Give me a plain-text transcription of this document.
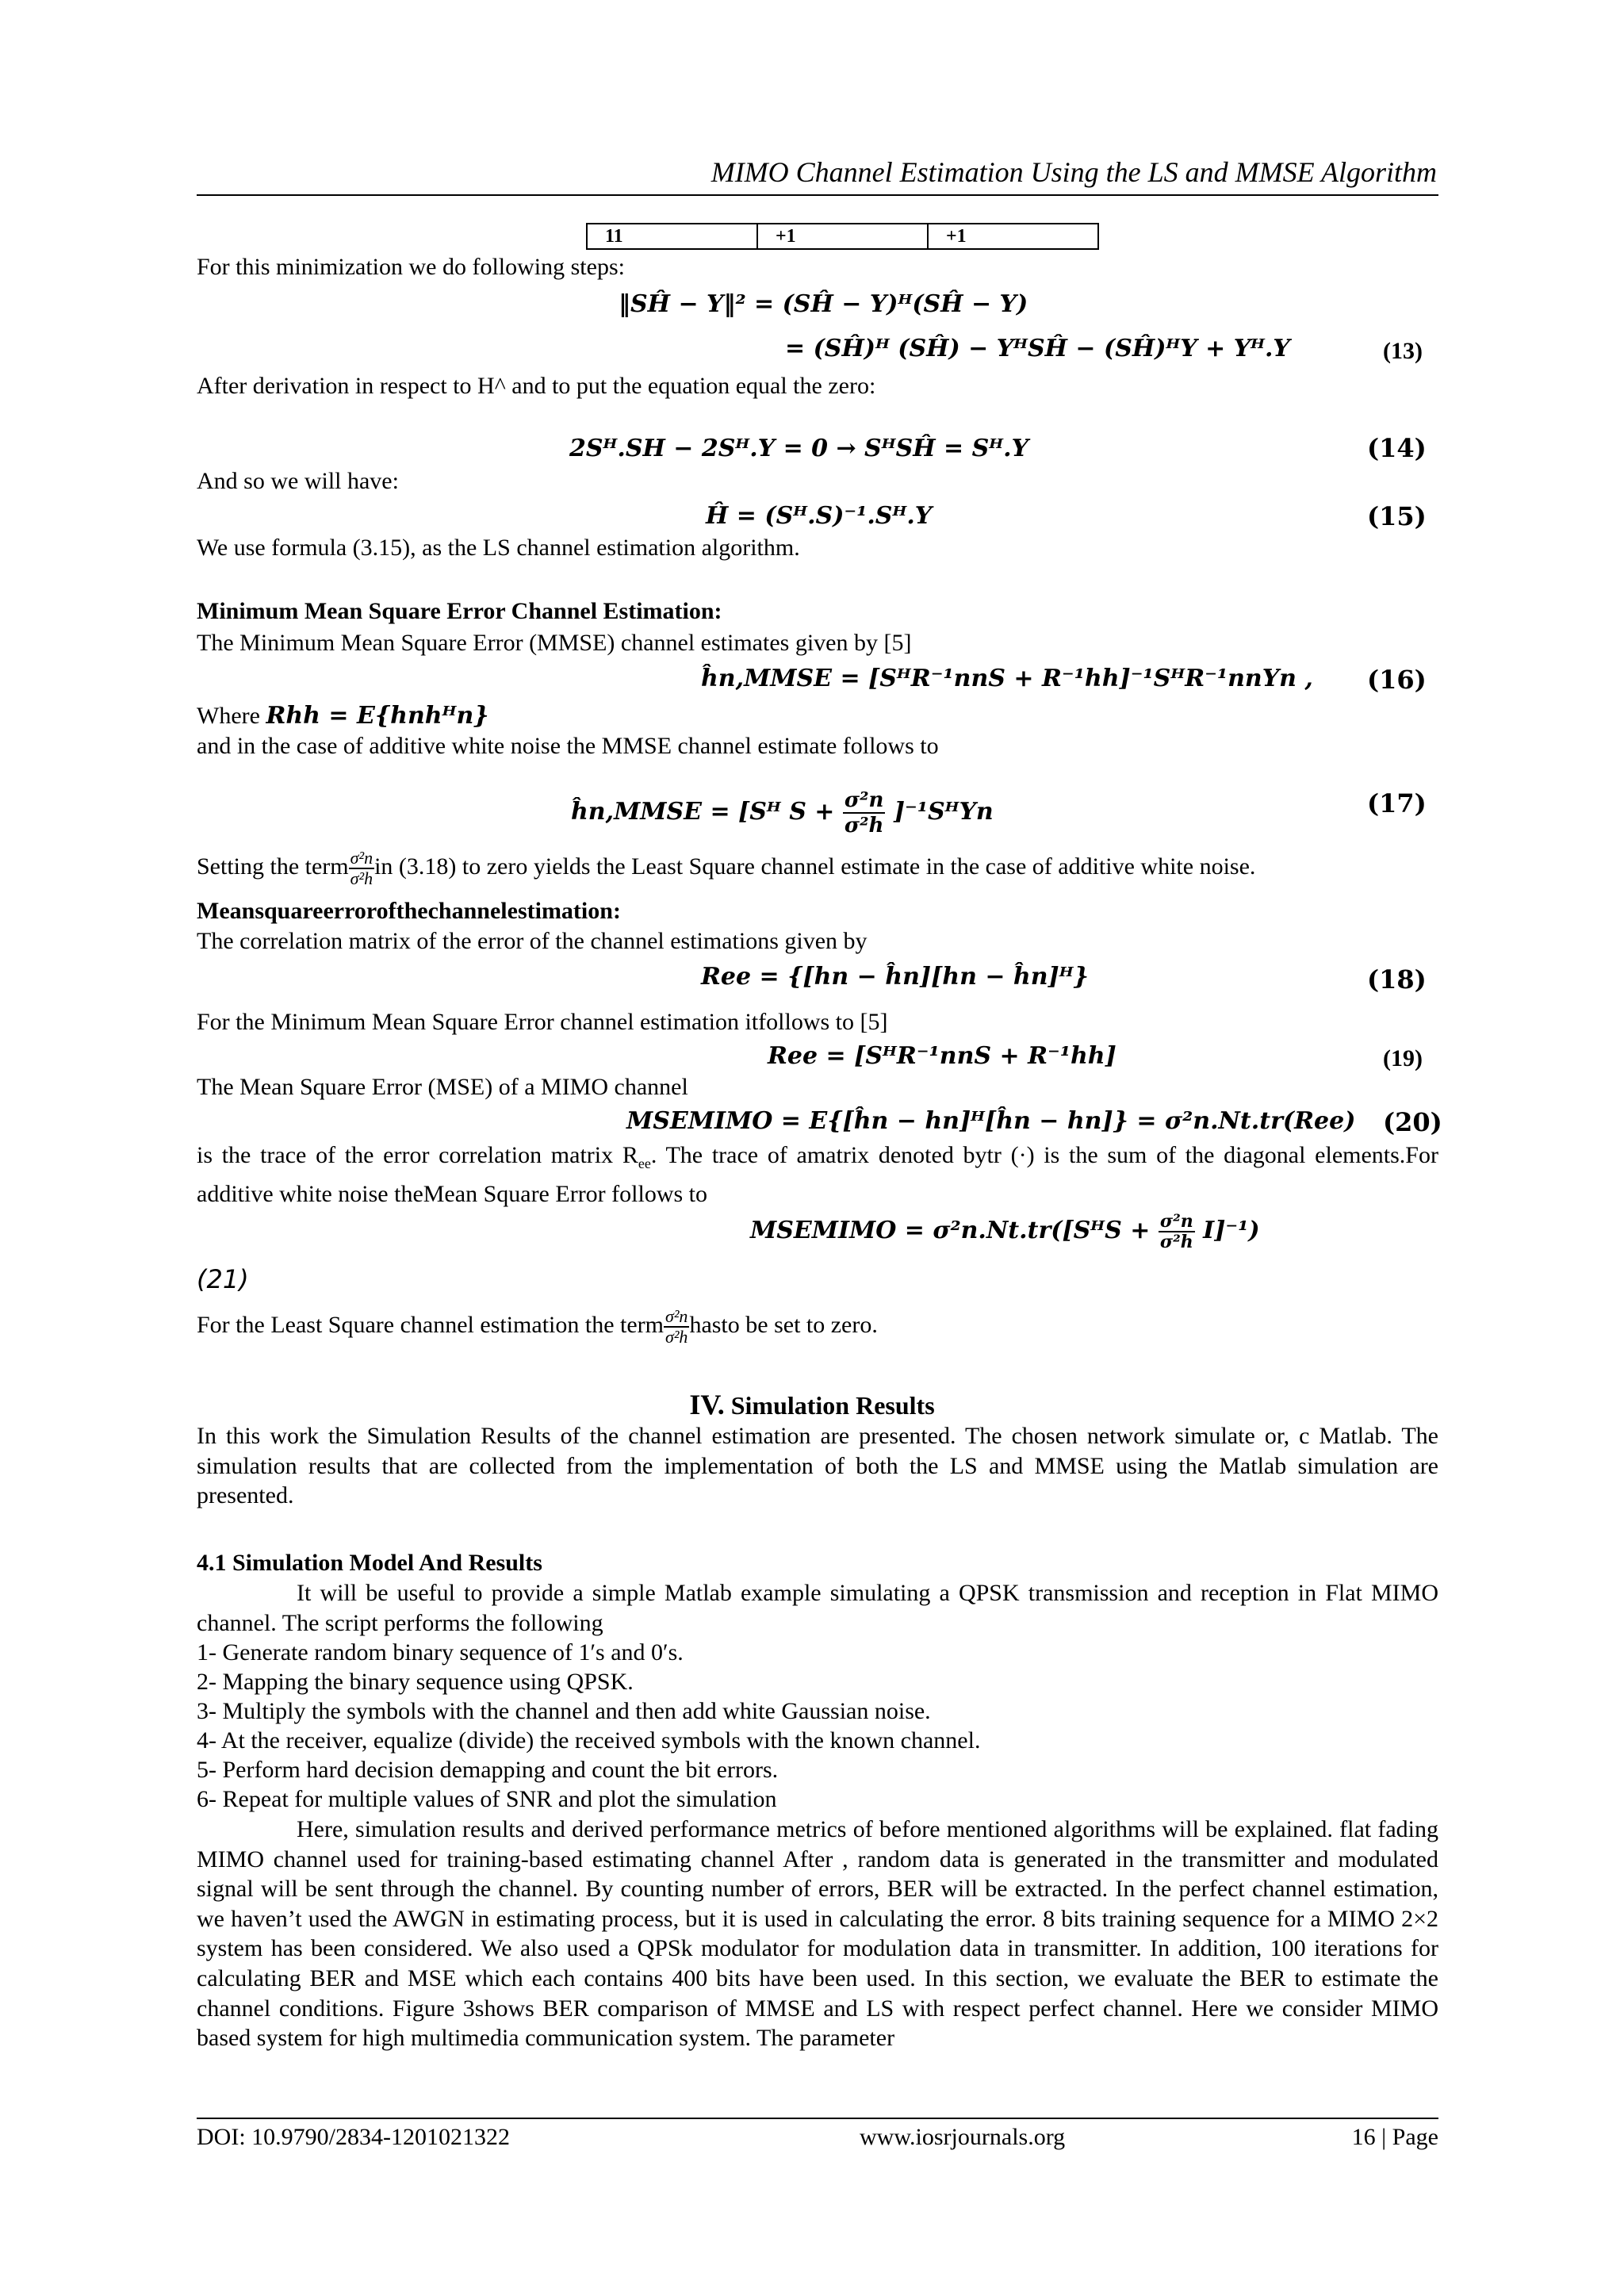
MIMO Channel Estimation Using the LS and MMSE Algorithm
11	+1	+1
For this minimization we do following steps:
‖SĤ − Y‖² = (SĤ − Y)ᴴ(SĤ − Y)
= (SĤ)ᴴ (SĤ) − YᴴSĤ − (SĤ)ᴴY + Yᴴ.Y	(13)
After derivation in respect to H^ and to put the equation equal the zero:
2Sᴴ.SH − 2Sᴴ.Y = 0 → SᴴSĤ = Sᴴ.Y	(14)
And so we will have:
Ĥ = (Sᴴ.S)⁻¹.Sᴴ.Y	(15)
We use formula (3.15), as the LS channel estimation algorithm.
Minimum Mean Square Error Channel Estimation:
The Minimum Mean Square Error (MMSE) channel estimates given by [5]
ĥn,MMSE = [SᴴR⁻¹nnS + R⁻¹hh]⁻¹SᴴR⁻¹nnYn , (16)
Where Rhh = E{hnhᴴn}
and in the case of additive white noise the MMSE channel estimate follows to
ĥn,MMSE = [Sᴴ $S + \frac{\text{σ²n}}{\text{σ²h}}$ ]⁻¹SᴴYn	(17)
Setting the term $\frac{\text{σ²n}}{\text{σ²h}}$ in (3.18) to zero yields the Least Square channel estimate in the case of additive white noise.
Meansquareerrorofthechannelestimation:
The correlation matrix of the error of the channel estimations given by
Ree = {[hn − ĥn][hn − ĥn]ᴴ}	(18)
For the Minimum Mean Square Error channel estimation itfollows to [5]
Ree = [SᴴR⁻¹nnS + R⁻¹hh]	(19)
The Mean Square Error (MSE) of a MIMO channel
MSEMIMO = E{[ĥn − hn]ᴴ[ĥn − hn]} = σ²n.Nt.tr(Ree) (20)

is the trace of the error correlation matrix $R_{ee}$. The trace of amatrix denoted bytr (·) is the sum of the diagonal elements.For additive white noise theMean Square Error follows to

MSEMIMO = σ²n.Nt.tr([SᴴS + $\frac{\text{σ²n}}{\text{σ²h}} I]^{-1}$)
(21)
For the Least Square channel estimation the term $\frac{\text{σ²n}}{\text{σ²h}}$ hasto be set to zero.
IV. Simulation Results

In this work the Simulation Results of the channel estimation are presented. The chosen network simulate or, c Matlab. The simulation results that are collected from the implementation of both the LS and MMSE using the Matlab simulation are presented.

4.1 Simulation Model And Results

It will be useful to provide a simple Matlab example simulating a QPSK transmission and reception in Flat MIMO channel. The script performs the following

1- Generate random binary sequence of 1′s and 0′s.
2- Mapping the binary sequence using QPSK.
3- Multiply the symbols with the channel and then add white Gaussian noise.
4- At the receiver, equalize (divide) the received symbols with the known channel.
5- Perform hard decision demapping and count the bit errors.
6- Repeat for multiple values of SNR and plot the simulation

Here, simulation results and derived performance metrics of before mentioned algorithms will be explained. flat fading MIMO channel used for training-based estimating channel After , random data is generated in the transmitter and modulated signal will be sent through the channel. By counting number of errors, BER will be extracted. In the perfect channel estimation, we haven’t used the AWGN in estimating process, but it is used in calculating the error. 8 bits training sequence for a MIMO 2×2 system has been considered. We also used a QPSk modulator for modulation data in transmitter. In addition, 100 iterations for calculating BER and MSE which each contains 400 bits have been used. In this section, we evaluate the BER to estimate the channel conditions. Figure 3shows BER comparison of MMSE and LS with respect perfect channel. Here we consider MIMO based system for high multimedia communication system. The parameter

DOI: 10.9790/2834-1201021322	www.iosrjournals.org	16 | Page
